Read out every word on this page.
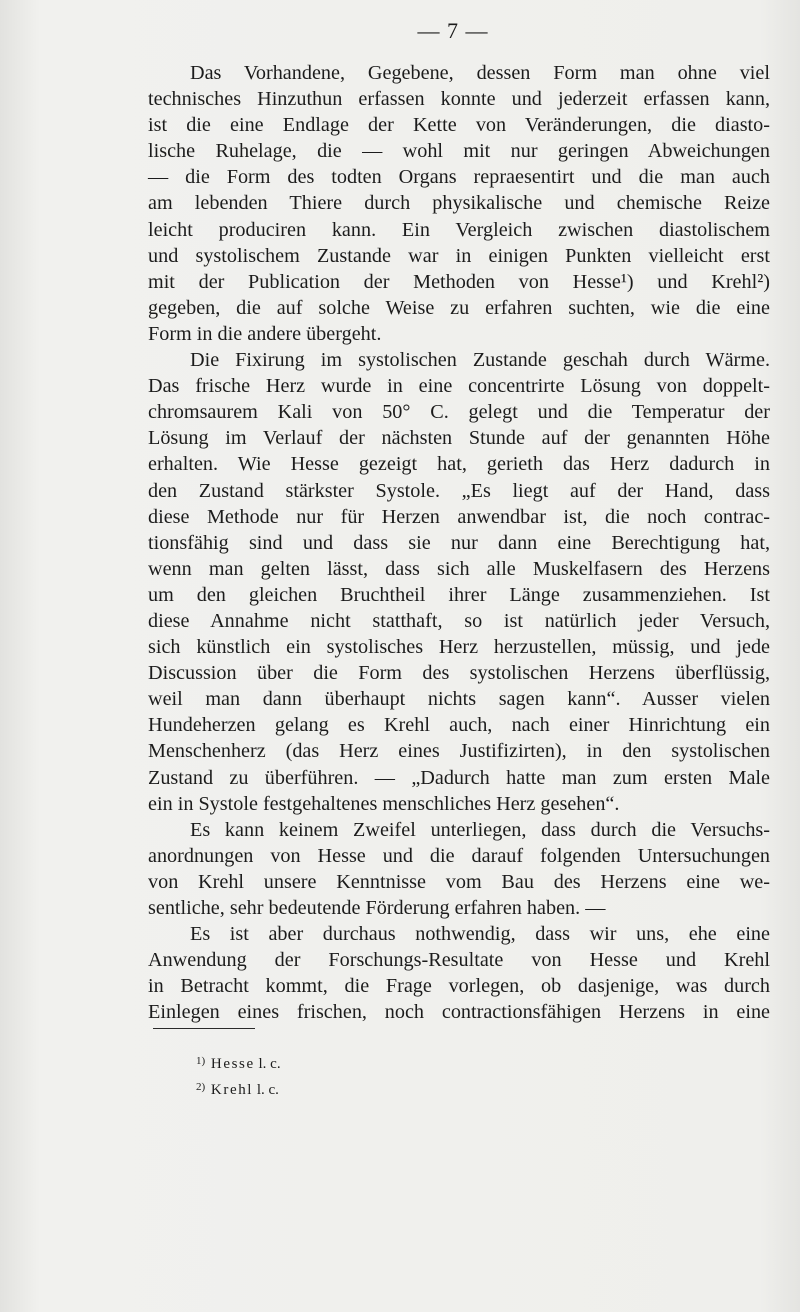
— 7 —
Das Vorhandene, Gegebene, dessen Form man ohne viel
technisches Hinzuthun erfassen konnte und jederzeit erfassen kann,
ist die eine Endlage der Kette von Veränderungen, die diasto-
lische Ruhelage, die — wohl mit nur geringen Abweichungen
— die Form des todten Organs repraesentirt und die man auch
am lebenden Thiere durch physikalische und chemische Reize
leicht produciren kann. Ein Vergleich zwischen diastolischem
und systolischem Zustande war in einigen Punkten vielleicht erst
mit der Publication der Methoden von Hesse¹) und Krehl²)
gegeben, die auf solche Weise zu erfahren suchten, wie die eine
Form in die andere übergeht.
Die Fixirung im systolischen Zustande geschah durch Wärme.
Das frische Herz wurde in eine concentrirte Lösung von doppelt-
chromsaurem Kali von 50° C. gelegt und die Temperatur der
Lösung im Verlauf der nächsten Stunde auf der genannten Höhe
erhalten. Wie Hesse gezeigt hat, gerieth das Herz dadurch in
den Zustand stärkster Systole. „Es liegt auf der Hand, dass
diese Methode nur für Herzen anwendbar ist, die noch contrac-
tionsfähig sind und dass sie nur dann eine Berechtigung hat,
wenn man gelten lässt, dass sich alle Muskelfasern des Herzens
um den gleichen Bruchtheil ihrer Länge zusammenziehen. Ist
diese Annahme nicht statthaft, so ist natürlich jeder Versuch,
sich künstlich ein systolisches Herz herzustellen, müssig, und jede
Discussion über die Form des systolischen Herzens überflüssig,
weil man dann überhaupt nichts sagen kann“. Ausser vielen
Hundeherzen gelang es Krehl auch, nach einer Hinrichtung ein
Menschenherz (das Herz eines Justifizirten), in den systolischen
Zustand zu überführen. — „Dadurch hatte man zum ersten Male
ein in Systole festgehaltenes menschliches Herz gesehen“.
Es kann keinem Zweifel unterliegen, dass durch die Versuchs-
anordnungen von Hesse und die darauf folgenden Untersuchungen
von Krehl unsere Kenntnisse vom Bau des Herzens eine we-
sentliche, sehr bedeutende Förderung erfahren haben. —
Es ist aber durchaus nothwendig, dass wir uns, ehe eine
Anwendung der Forschungs-Resultate von Hesse und Krehl
in Betracht kommt, die Frage vorlegen, ob dasjenige, was durch
Einlegen eines frischen, noch contractionsfähigen Herzens in eine
$^{1)}$ Hesse l. c.
$^{2)}$ Krehl l. c.
